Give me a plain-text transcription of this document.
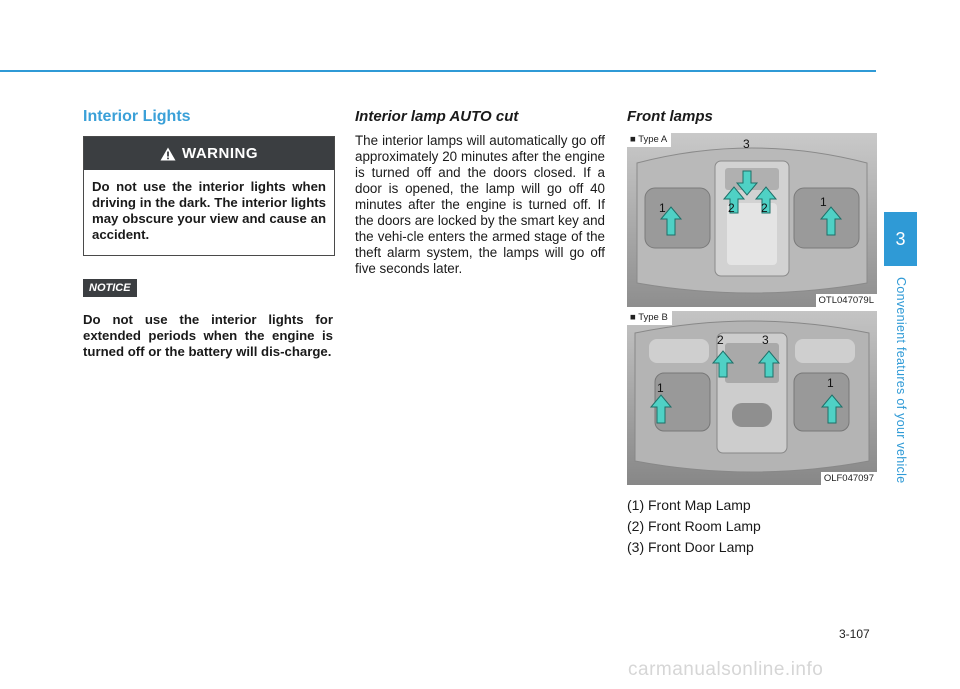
Interior Lights
WARNING
Do not use the interior lights when driving in the dark. The interior lights may obscure your view and cause an accident.
NOTICE
Do not use the interior lights for extended periods when the engine is turned off or the battery will dis-charge.
Interior lamp AUTO cut
The interior lamps will automatically go off approximately 20 minutes after the engine is turned off and the doors closed. If a door is opened, the lamp will go off 40 minutes after the engine is turned off. If the doors are locked by the smart key and the vehi-cle enters the armed stage of the theft alarm system, the lamps will go off five seconds later.
Front lamps
1	1
2 2
3
■ Type A
OTL047079L
1	1
2	3
■ Type B
OLF047097
(1) Front Map Lamp
(2) Front Room Lamp
(3) Front Door Lamp
3
Convenient features of your vehicle
3-107
carmanualsonline.info
